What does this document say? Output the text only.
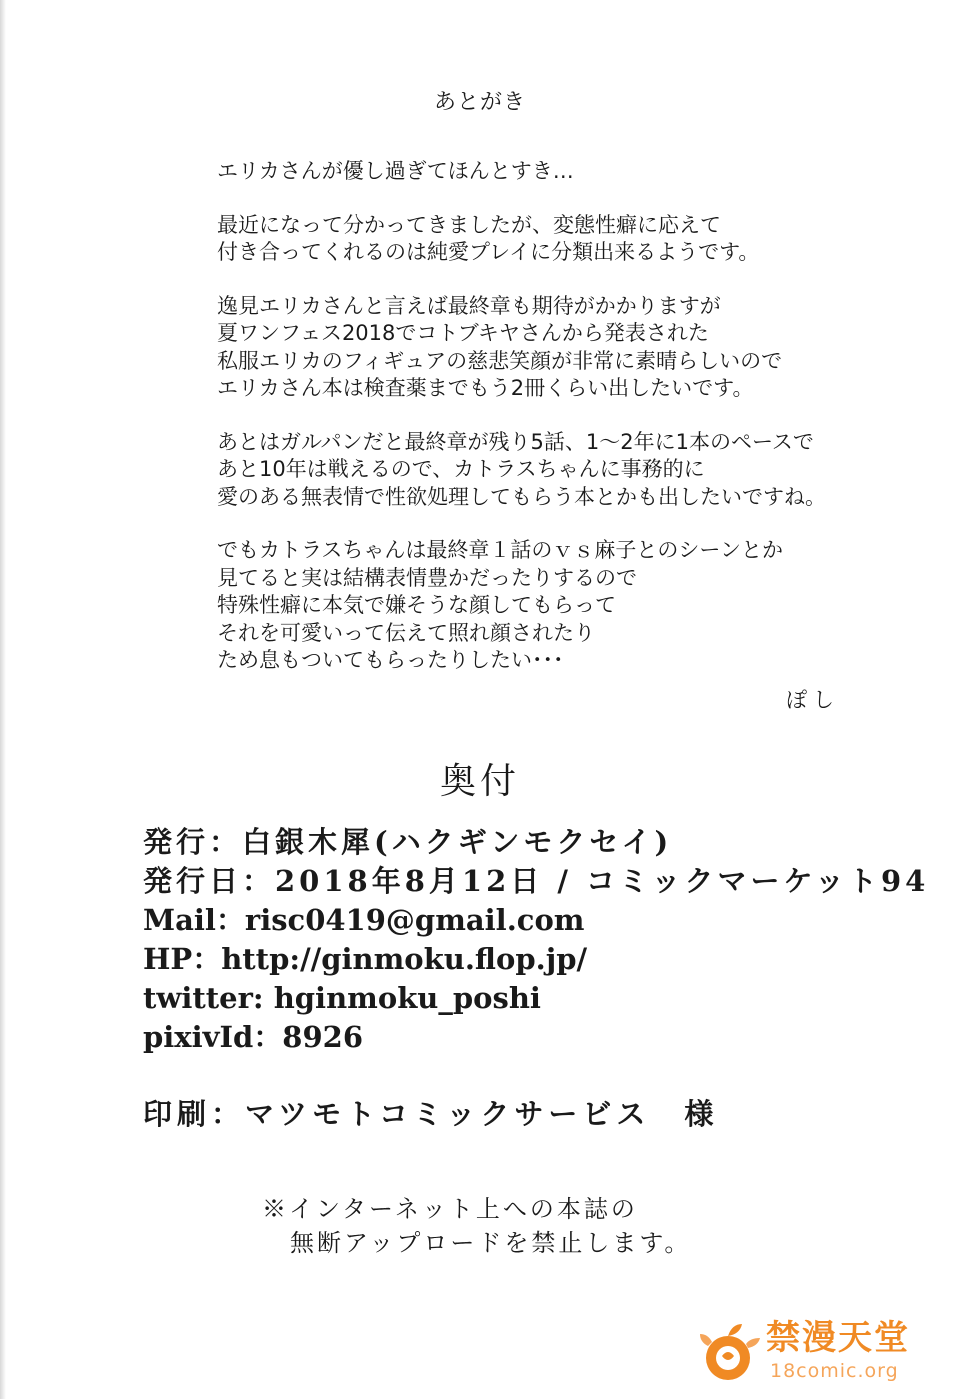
あとがき
エリカさんが優し過ぎてほんとすき…
最近になって分かってきましたが、変態性癖に応えて
付き合ってくれるのは純愛プレイに分類出来るようです。
逸見エリカさんと言えば最終章も期待がかかりますが
夏ワンフェス2018でコトブキヤさんから発表された
私服エリカのフィギュアの慈悲笑顔が非常に素晴らしいので
エリカさん本は検査薬までもう2冊くらい出したいです。
あとはガルパンだと最終章が残り5話、1～2年に1本のペースで
あと10年は戦えるので、カトラスちゃんに事務的に
愛のある無表情で性欲処理してもらう本とかも出したいですね。
でもカトラスちゃんは最終章１話のｖｓ麻子とのシーンとか
見てると実は結構表情豊かだったりするので
特殊性癖に本気で嫌そうな顔してもらって
それを可愛いって伝えて照れ顔されたり
ため息もついてもらったりしたい･･･
ぽし
奥付
発行：白銀木犀(ハクギンモクセイ)
発行日：2018年8月12日 / コミックマーケット94
Mail：risc0419@gmail.com
HP：http://ginmoku.flop.jp/
twitter: hginmoku_poshi
pixivId：8926
印刷：マツモトコミックサービス　様
※インターネット上への本誌の
無断アップロードを禁止します。
禁漫天堂
18comic.org
